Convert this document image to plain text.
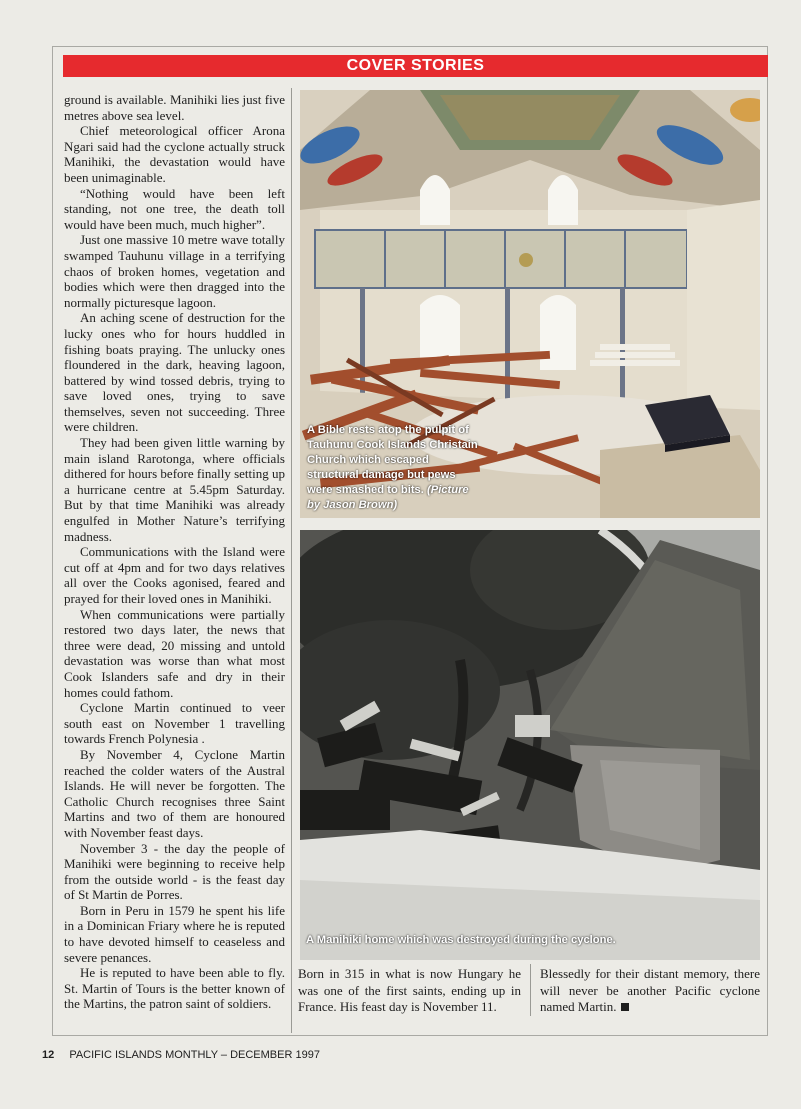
COVER STORIES

ground is available. Manihiki lies just five metres above sea level.

Chief meteorological officer Arona Ngari said had the cyclone actually struck Manihiki, the devastation would have been unimaginable.

“Nothing would have been left standing, not one tree, the death toll would have been much, much higher”.

Just one massive 10 metre wave totally swamped Tauhunu village in a terrifying chaos of broken homes, vegetation and bodies which were then dragged into the normally picturesque lagoon.

An aching scene of destruction for the lucky ones who for hours huddled in fishing boats praying. The unlucky ones floundered in the dark, heaving lagoon, battered by wind tossed debris, trying to save loved ones, trying to save themselves, seven not succeeding. Three were children.

They had been given little warning by main island Rarotonga, where officials dithered for hours before finally setting up a hurricane centre at 5.45pm Saturday. But by that time Manihiki was already engulfed in Mother Nature’s terrifying madness.

Communications with the Island were cut off at 4pm and for two days relatives all over the Cooks agonised, feared and prayed for their loved ones in Manihiki.

When communications were partially restored two days later, the news that three were dead, 20 missing and untold devastation was worse than what most Cook Islanders safe and dry in their homes could fathom.

Cyclone Martin continued to veer south east on November 1 travelling towards French Polynesia .

By November 4, Cyclone Martin reached the colder waters of the Austral Islands. He will never be forgotten. The Catholic Church recognises three Saint Martins and two of them are honoured with November feast days.

November 3 - the day the people of Manihiki were beginning to receive help from the outside world - is the feast day of St Martin de Porres.

Born in Peru in 1579 he spent his life in a Dominican Friary where he is reputed to have devoted himself to ceaseless and severe penances.

He is reputed to have been able to fly. St. Martin of Tours is the better known of the Martins, the patron saint of soldiers.

A Bible rests atop the pulpit of Tauhunu Cook Islands Christain Church which escaped structural damage but pews were smashed to bits. (Picture by Jason Brown)
A Manihiki home which was destroyed during the cyclone.
Born in 315 in what is now Hungary he was one of the first saints, ending up in France. His feast day is November 11.
Blessedly for their distant memory, there will never be another Pacific cyclone named Martin.
12 PACIFIC ISLANDS MONTHLY – DECEMBER 1997
